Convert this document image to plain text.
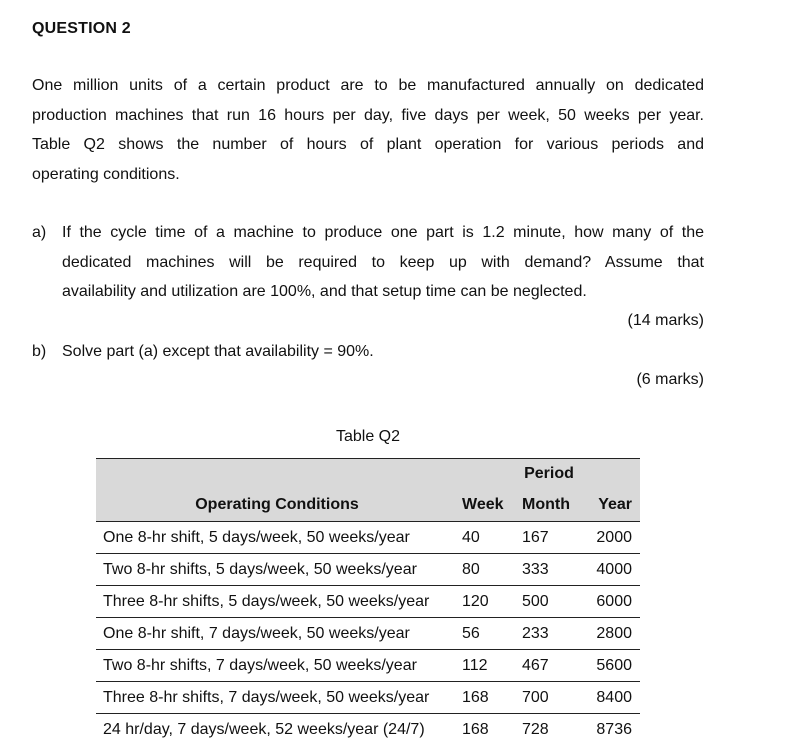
QUESTION 2
One million units of a certain product are to be manufactured annually on dedicated
production machines that run 16 hours per day, five days per week, 50 weeks per year.
Table Q2 shows the number of hours of plant operation for various periods and
operating conditions.
a) If the cycle time of a machine to produce one part is 1.2 minute, how many of the
dedicated machines will be required to keep up with demand? Assume that
availability and utilization are 100%, and that setup time can be neglected.
(14 marks)
b) Solve part (a) except that availability = 90%.
(6 marks)
Table Q2
	Period		
Operating Conditions	Week	Month	Year
One 8-hr shift, 5 days/week, 50 weeks/year	40	167	2000
Two 8-hr shifts, 5 days/week, 50 weeks/year	80	333	4000
Three 8-hr shifts, 5 days/week, 50 weeks/year	120	500	6000
One 8-hr shift, 7 days/week, 50 weeks/year	56	233	2800
Two 8-hr shifts, 7 days/week, 50 weeks/year	112	467	5600
Three 8-hr shifts, 7 days/week, 50 weeks/year	168	700	8400
24 hr/day, 7 days/week, 52 weeks/year (24/7)	168	728	8736
